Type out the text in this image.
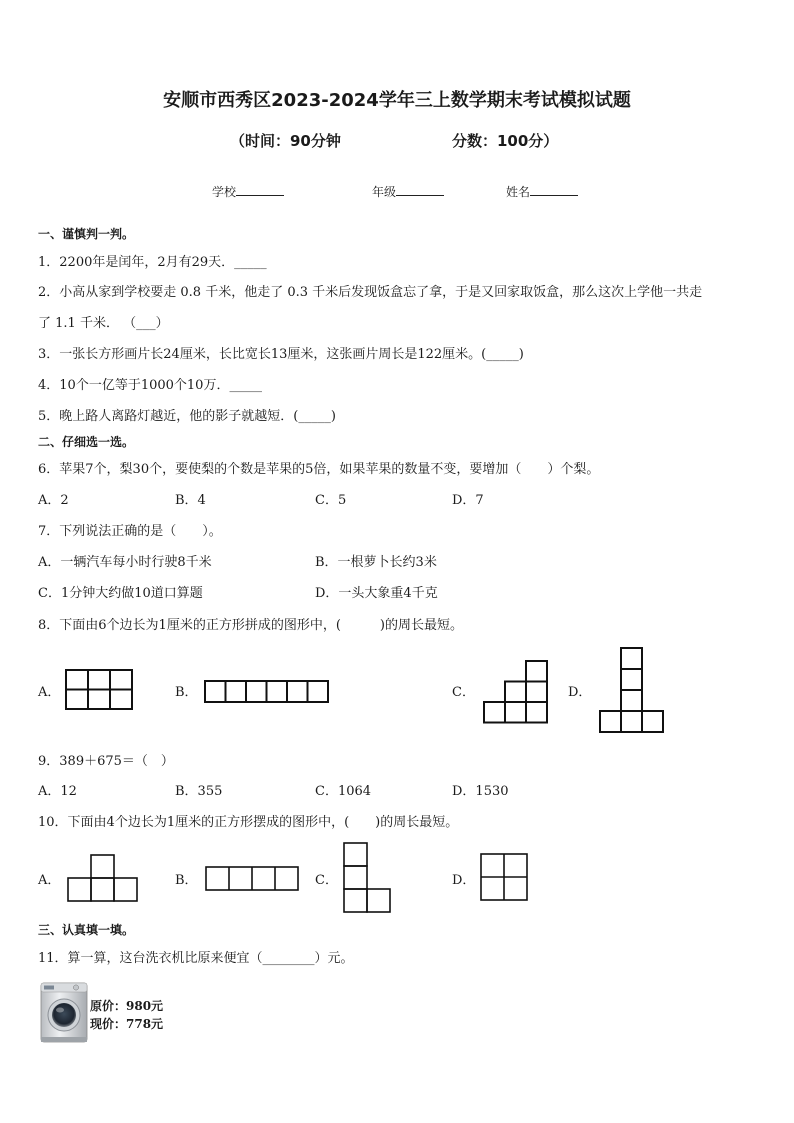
安顺市西秀区2023-2024学年三上数学期末考试模拟试题
（时间：90分钟	分数：100分）
学校	年级	姓名
一、谨慎判一判。
1．2200年是闰年，2月有29天．_____
2．小高从家到学校要走 0.8 千米，他走了 0.3 千米后发现饭盒忘了拿，于是又回家取饭盒，那么这次上学他一共走
了 1.1 千米． （___）
3．一张长方形画片长24厘米，长比宽长13厘米，这张画片周长是122厘米。(_____)
4．10个一亿等于1000个10万．_____
5．晚上路人离路灯越近，他的影子就越短．(_____)
二、仔细选一选。
6．苹果7个，梨30个，要使梨的个数是苹果的5倍，如果苹果的数量不变，要增加（　　）个梨。
A．2	B．4	C．5	D．7
7．下列说法正确的是（　　）。
A．一辆汽车每小时行驶8千米	B．一根萝卜长约3米
C．1分钟大约做10道口算题	D．一头大象重4千克
8．下面由6个边长为1厘米的正方形拼成的图形中，(　　　)的周长最短。
A．	B．	C．	D．
9．389＋675＝（　）
A．12	B．355	C．1064	D．1530
10．下面由4个边长为1厘米的正方形摆成的图形中，(　　)的周长最短。
A．	B．	C．	D．
三、认真填一填。
11．算一算，这台洗衣机比原来便宜（________）元。
原价：980元
现价：778元
